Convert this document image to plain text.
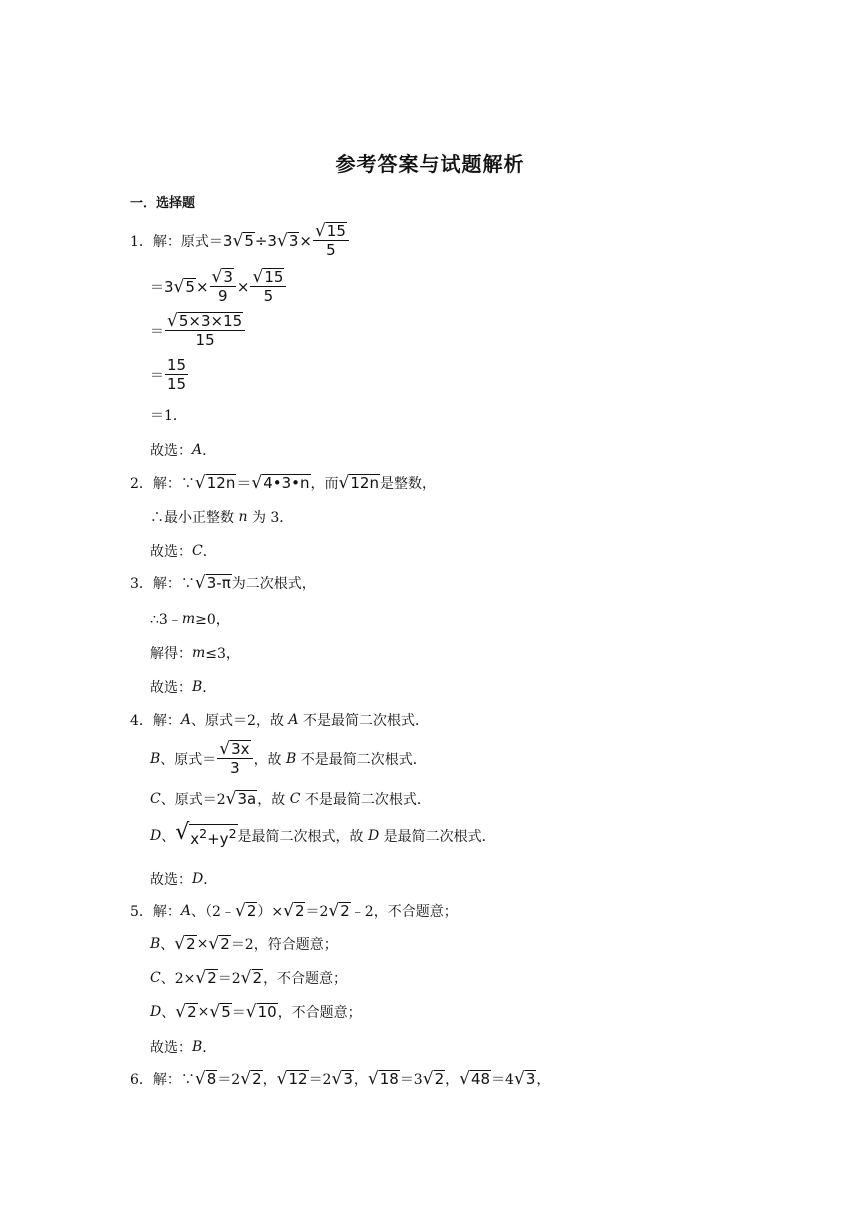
参考答案与试题解析
一．选择题
1．解：原式＝ 3 √ 5 ÷3 √ $3 \times \frac{√ 15}{5}$
＝ 3 √ $5 \times \frac{√ 3}{9} \times \frac{√ 15}{5}$
＝ $\frac{√ 5\times 3\times 15}{15}$
＝ $\frac{15}{15}$
＝1．
故选： A ．
2．解：∵ √ 12n ＝ √ 4•3•n ，而 √ 12n 是整数，
∴最小正整数
n
为 3．
故选： C ．
3．解：∵ √ 3-π 为二次根式，
∴3﹣ m ≥0，
解得： m ≤3，
故选： B ．
4．解： A 、原式＝2，故
A
不是最简二次根式．
B 、原式＝ $\frac{√ 3x}{3}$ ，故
B
不是最简二次根式．
C 、原式＝2 √ 3a ，故
C
不是最简二次根式．
D 、 √ $x^2+y^2$ 是最简二次根式，故
D
是最简二次根式．
故选： D ．
5．解： A 、（2﹣ √ 2 ）× √ 2 ＝2 √ 2 ﹣2，不合题意；
B 、 √ 2 × √ 2 ＝2，符合题意；
C 、2× √ 2 ＝2 √ 2 ，不合题意；
D 、 √ 2 × √ 5 ＝ √ 10 ，不合题意；
故选： B ．
6．解：∵ √ 8 ＝2 √ 2 ， √ 12 ＝2 √ 3 ， √ 18 ＝3 √ 2 ， √ 48 ＝4 √ 3 ，
